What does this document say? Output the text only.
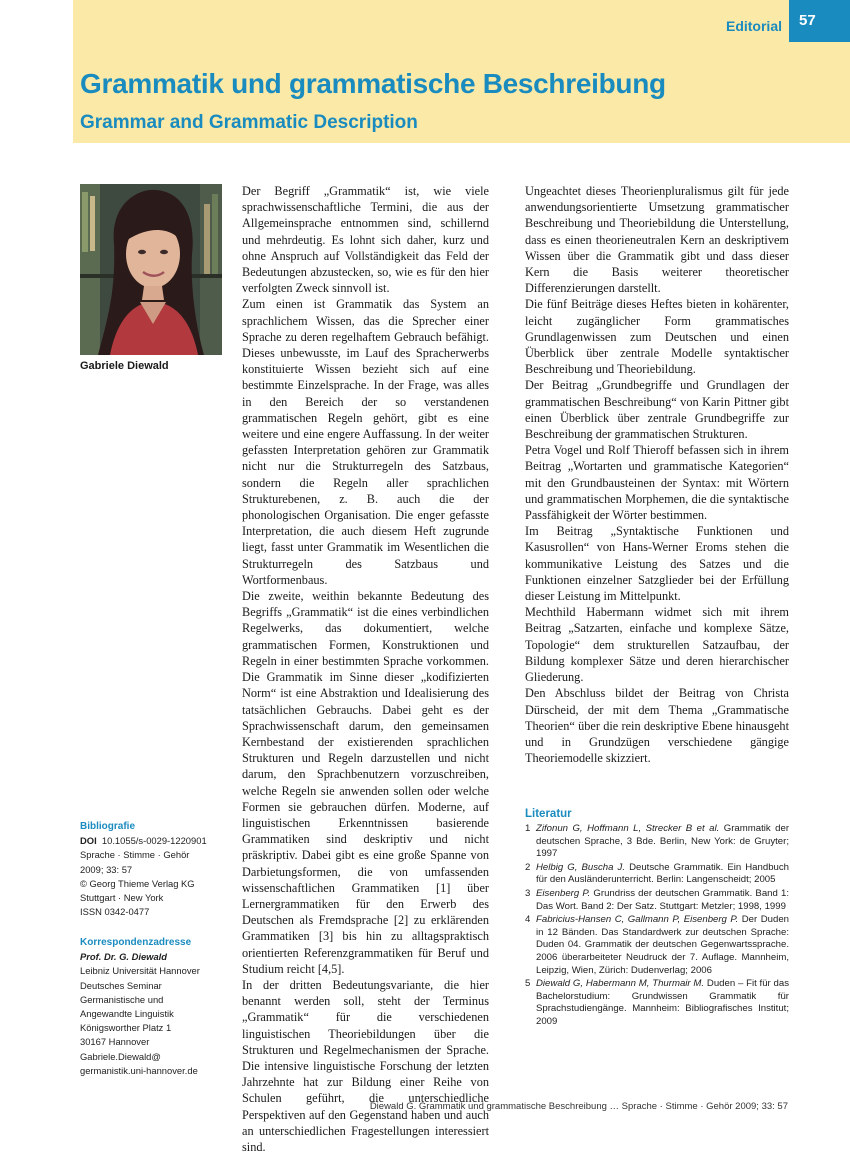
Editorial	57
Grammatik und grammatische Beschreibung
Grammar and Grammatic Description
Gabriele Diewald
Bibliografie
DOI 10.1055/s-0029-1220901
Sprache · Stimme · Gehör
2009; 33: 57
© Georg Thieme Verlag KG
Stuttgart · New York
ISSN 0342-0477
Korrespondenzadresse
Prof. Dr. G. Diewald
Leibniz Universität Hannover
Deutsches Seminar
Germanistische und
Angewandte Linguistik
Königsworther Platz 1
30167 Hannover
Gabriele.Diewald@
germanistik.uni-hannover.de

Der Begriff „Grammatik“ ist, wie viele sprachwissenschaftliche Termini, die aus der Allgemeinsprache entnommen sind, schillernd und mehrdeutig. Es lohnt sich daher, kurz und ohne Anspruch auf Vollständigkeit das Feld der Bedeutungen abzustecken, so, wie es für den hier verfolgten Zweck sinnvoll ist.

Zum einen ist Grammatik das System an sprachlichem Wissen, das die Sprecher einer Sprache zu deren regelhaftem Gebrauch befähigt. Dieses unbewusste, im Lauf des Spracherwerbs konstituierte Wissen bezieht sich auf eine bestimmte Einzelsprache. In der Frage, was alles in den Bereich der so verstandenen grammatischen Regeln gehört, gibt es eine weitere und eine engere Auffassung. In der weiter gefassten Interpretation gehören zur Grammatik nicht nur die Strukturregeln des Satzbaus, sondern die Regeln aller sprachlichen Strukturebenen, z. B. auch die der phonologischen Organisation. Die enger gefasste Interpretation, die auch diesem Heft zugrunde liegt, fasst unter Grammatik im Wesentlichen die Strukturregeln des Satzbaus und Wortformenbaus.

Die zweite, weithin bekannte Bedeutung des Begriffs „Grammatik“ ist die eines verbindlichen Regelwerks, das dokumentiert, welche grammatischen Formen, Konstruktionen und Regeln in einer bestimmten Sprache vorkommen. Die Grammatik im Sinne dieser „kodifizierten Norm“ ist eine Abstraktion und Idealisierung des tatsächlichen Gebrauchs. Dabei geht es der Sprachwissenschaft darum, den gemeinsamen Kernbestand der existierenden sprachlichen Strukturen und Regeln darzustellen und nicht darum, den Sprachbenutzern vorzuschreiben, welche Regeln sie anwenden sollen oder welche Formen sie gebrauchen dürfen. Moderne, auf linguistischen Erkenntnissen basierende Grammatiken sind deskriptiv und nicht präskriptiv. Dabei gibt es eine große Spanne von Darbietungsformen, die von umfassenden wissenschaftlichen Grammatiken [1] über Lernergrammatiken für den Erwerb des Deutschen als Fremdsprache [2] zu erklärenden Grammatiken [3] bis hin zu alltagspraktisch orientierten Referenzgrammatiken für Beruf und Studium reicht [4,5].

In der dritten Bedeutungsvariante, die hier benannt werden soll, steht der Terminus „Grammatik“ für die verschiedenen linguistischen Theoriebildungen über die Strukturen und Regelmechanismen der Sprache. Die intensive linguistische Forschung der letzten Jahrzehnte hat zur Bildung einer Reihe von Schulen geführt, die unterschiedliche Perspektiven auf den Gegenstand haben und auch an unterschiedlichen Fragestellungen interessiert sind.

Ungeachtet dieses Theorienpluralismus gilt für jede anwendungsorientierte Umsetzung grammatischer Beschreibung und Theoriebildung die Unterstellung, dass es einen theorieneutralen Kern an deskriptivem Wissen über die Grammatik gibt und dass dieser Kern die Basis weiterer theoretischer Differenzierungen darstellt.

Die fünf Beiträge dieses Heftes bieten in kohärenter, leicht zugänglicher Form grammatisches Grundlagenwissen zum Deutschen und einen Überblick über zentrale Modelle syntaktischer Beschreibung und Theoriebildung.

Der Beitrag „Grundbegriffe und Grundlagen der grammatischen Beschreibung“ von Karin Pittner gibt einen Überblick über zentrale Grundbegriffe zur Beschreibung der grammatischen Strukturen.

Petra Vogel und Rolf Thieroff befassen sich in ihrem Beitrag „Wortarten und grammatische Kategorien“ mit den Grundbausteinen der Syntax: mit Wörtern und grammatischen Morphemen, die die syntaktische Passfähigkeit der Wörter bestimmen.

Im Beitrag „Syntaktische Funktionen und Kasusrollen“ von Hans-Werner Eroms stehen die kommunikative Leistung des Satzes und die Funktionen einzelner Satzglieder bei der Erfüllung dieser Leistung im Mittelpunkt.

Mechthild Habermann widmet sich mit ihrem Beitrag „Satzarten, einfache und komplexe Sätze, Topologie“ dem strukturellen Satzaufbau, der Bildung komplexer Sätze und deren hierarchischer Gliederung.

Den Abschluss bildet der Beitrag von Christa Dürscheid, der mit dem Thema „Grammatische Theorien“ über die rein deskriptive Ebene hinausgeht und in Grundzügen verschiedene gängige Theoriemodelle skizziert.

Literatur
1 Zifonun G, Hoffmann L, Strecker B et al. Grammatik der deutschen Sprache, 3 Bde. Berlin, New York: de Gruyter; 1997
2 Helbig G, Buscha J. Deutsche Grammatik. Ein Handbuch für den Ausländerunterricht. Berlin: Langenscheidt; 2005
3 Eisenberg P. Grundriss der deutschen Grammatik. Band 1: Das Wort. Band 2: Der Satz. Stuttgart: Metzler; 1998, 1999
4 Fabricius-Hansen C, Gallmann P, Eisenberg P. Der Duden in 12 Bänden. Das Standardwerk zur deutschen Sprache: Duden 04. Grammatik der deutschen Gegenwartssprache. 2006 überarbeiteter Neudruck der 7. Auflage. Mannheim, Leipzig, Wien, Zürich: Dudenverlag; 2006
5 Diewald G, Habermann M, Thurmair M. Duden – Fit für das Bachelorstudium: Grundwissen Grammatik für Sprachstudiengänge. Mannheim: Bibliografisches Institut; 2009
Diewald G. Grammatik und grammatische Beschreibung … Sprache · Stimme · Gehör 2009; 33: 57
